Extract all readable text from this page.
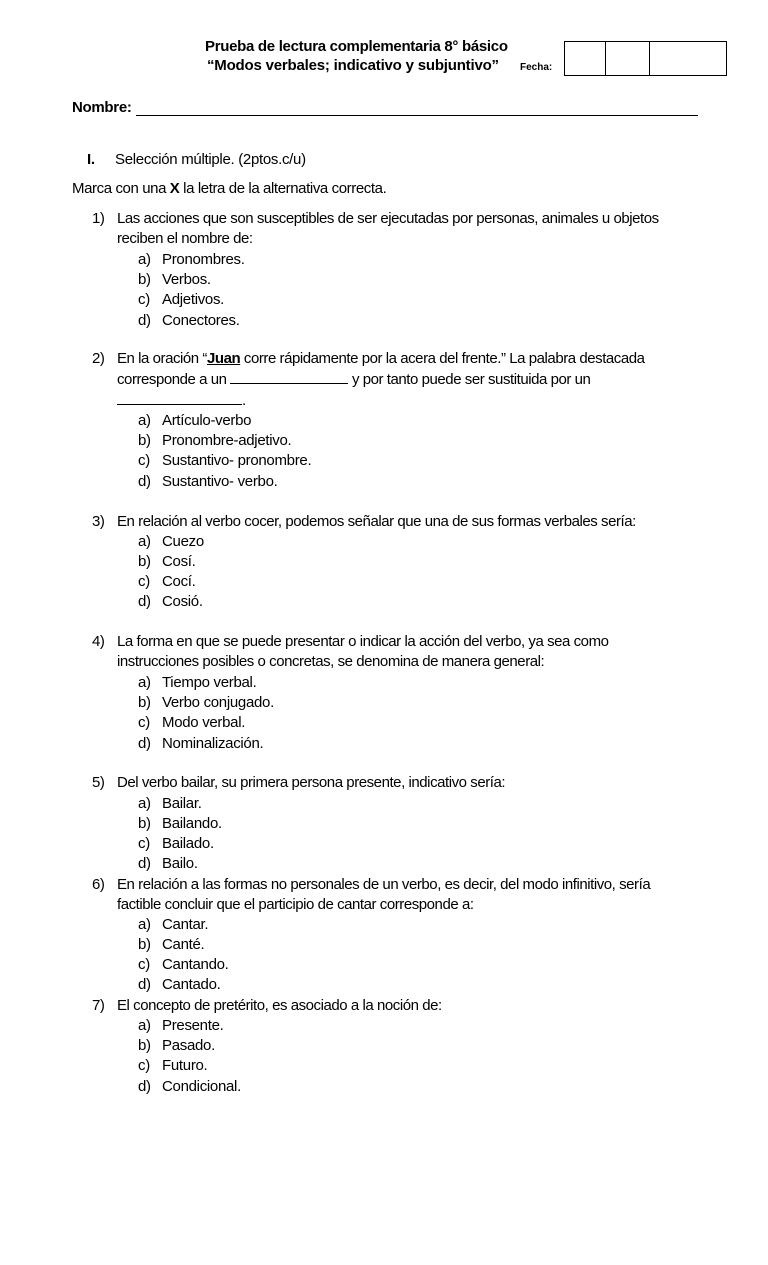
Prueba de lectura complementaria 8° básico
“Modos verbales; indicativo y subjuntivo” Fecha:
Nombre:
I. Selección múltiple. (2ptos.c/u)
Marca con una X la letra de la alternativa correcta.
1) Las acciones que son susceptibles de ser ejecutadas por personas, animales u objetos
reciben el nombre de:
a) Pronombres.
b) Verbos.
c) Adjetivos.
d) Conectores.
2) En la oración “Juan corre rápidamente por la acera del frente.” La palabra destacada
corresponde a un	y por tanto puede ser sustituida por un
.
a) Artículo-verbo
b) Pronombre-adjetivo.
c) Sustantivo- pronombre.
d) Sustantivo- verbo.
3) En relación al verbo cocer, podemos señalar que una de sus formas verbales sería:
a) Cuezo
b) Cosí.
c) Cocí.
d) Cosió.
4) La forma en que se puede presentar o indicar la acción del verbo, ya sea como
instrucciones posibles o concretas, se denomina de manera general:
a) Tiempo verbal.
b) Verbo conjugado.
c) Modo verbal.
d) Nominalización.
5) Del verbo bailar, su primera persona presente, indicativo sería:
a) Bailar.
b) Bailando.
c) Bailado.
d) Bailo.
6) En relación a las formas no personales de un verbo, es decir, del modo infinitivo, sería
factible concluir que el participio de cantar corresponde a:
a) Cantar.
b) Canté.
c) Cantando.
d) Cantado.
7) El concepto de pretérito, es asociado a la noción de:
a) Presente.
b) Pasado.
c) Futuro.
d) Condicional.
